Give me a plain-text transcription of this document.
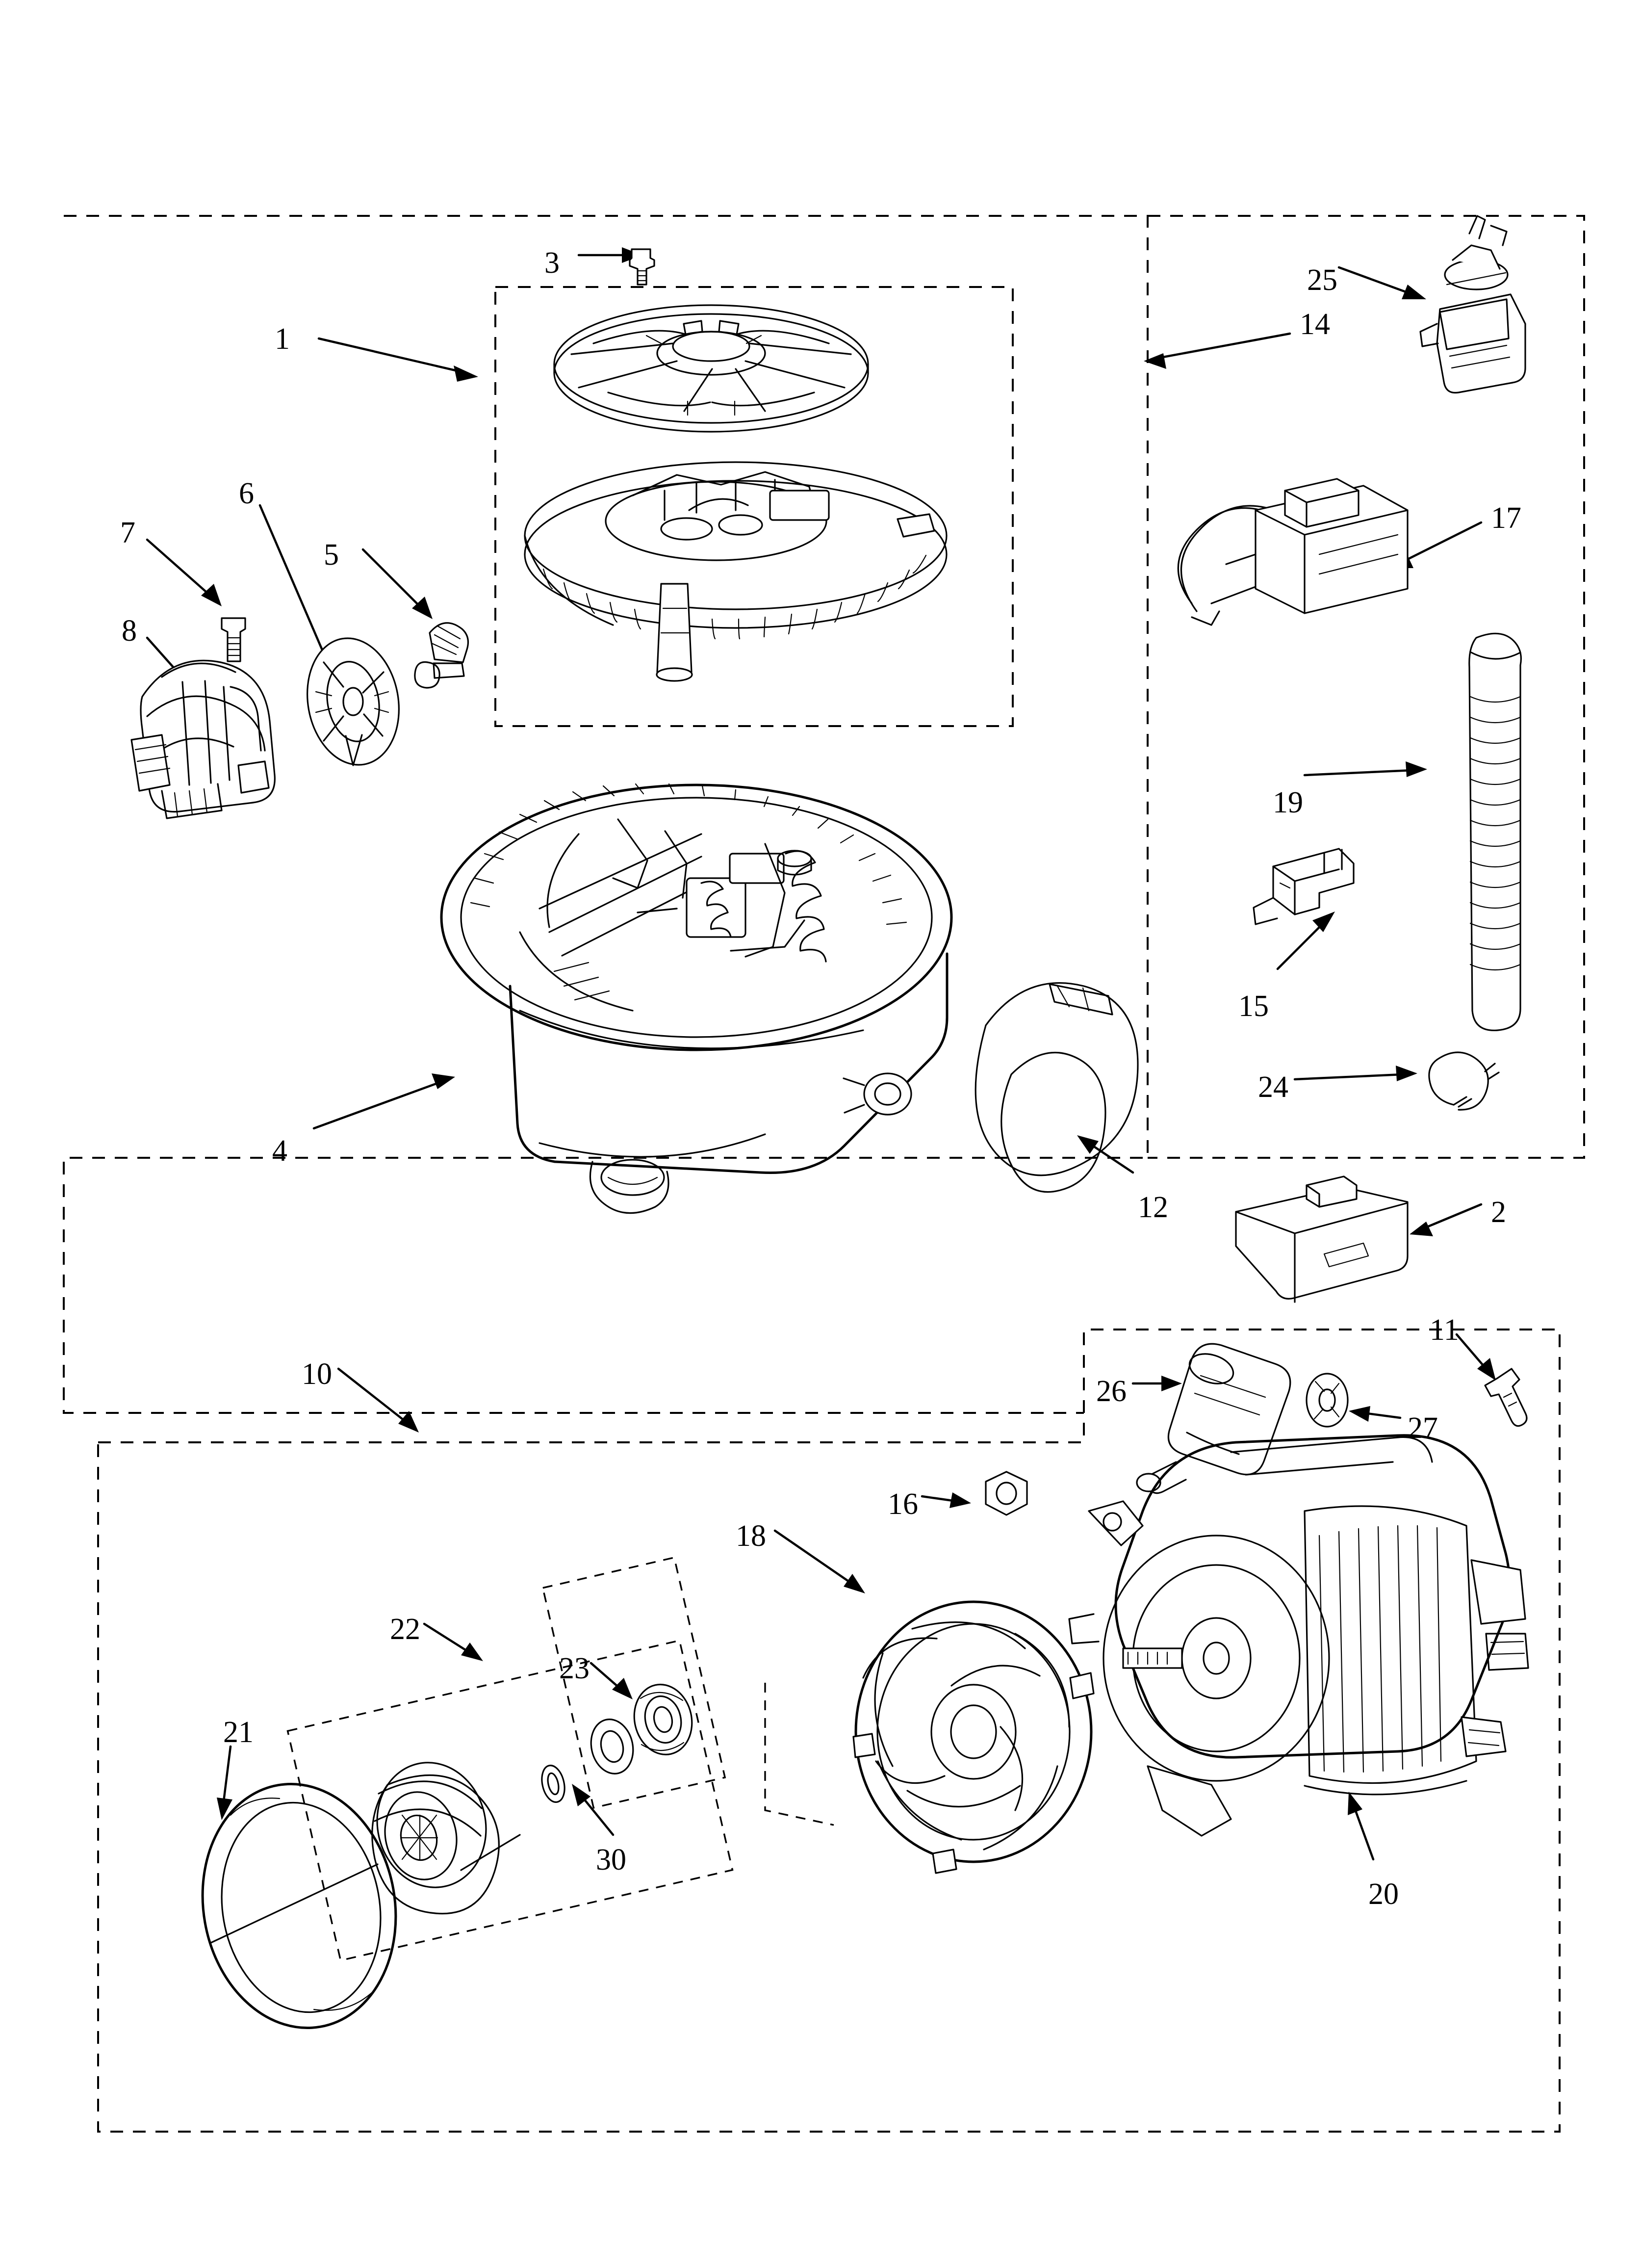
1
2
3
4
5
6
7
8
10
11
12
14
15
16
17
18
19
20
21
22
23
24
25
26
27
30
